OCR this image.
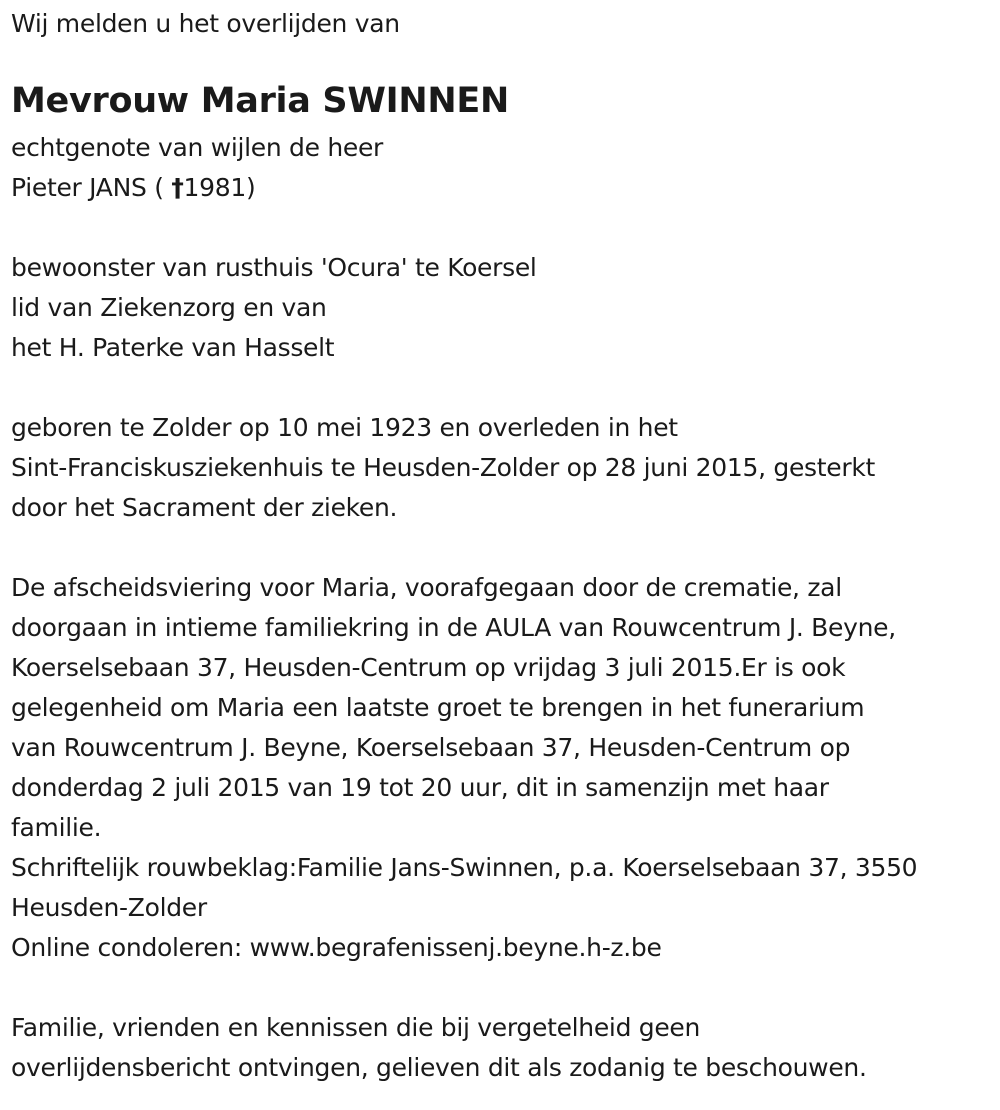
Wij melden u het overlijden van
Mevrouw Maria SWINNEN
echtgenote van wijlen de heer
Pieter JANS ( †1981)
bewoonster van rusthuis 'Ocura' te Koersel
lid van Ziekenzorg en van
het H. Paterke van Hasselt
geboren te Zolder op 10 mei 1923 en overleden in het
Sint-Franciskusziekenhuis te Heusden-Zolder op 28 juni 2015, gesterkt
door het Sacrament der zieken.
De afscheidsviering voor Maria, voorafgegaan door de crematie, zal
doorgaan in intieme familiekring in de AULA van Rouwcentrum J. Beyne,
Koerselsebaan 37, Heusden-Centrum op vrijdag 3 juli 2015.Er is ook
gelegenheid om Maria een laatste groet te brengen in het funerarium
van Rouwcentrum J. Beyne, Koerselsebaan 37, Heusden-Centrum op
donderdag 2 juli 2015 van 19 tot 20 uur, dit in samenzijn met haar
familie.
Schriftelijk rouwbeklag:Familie Jans-Swinnen, p.a. Koerselsebaan 37, 3550
Heusden-Zolder
Online condoleren: www.begrafenissenj.beyne.h-z.be
Familie, vrienden en kennissen die bij vergetelheid geen
overlijdensbericht ontvingen, gelieven dit als zodanig te beschouwen.
